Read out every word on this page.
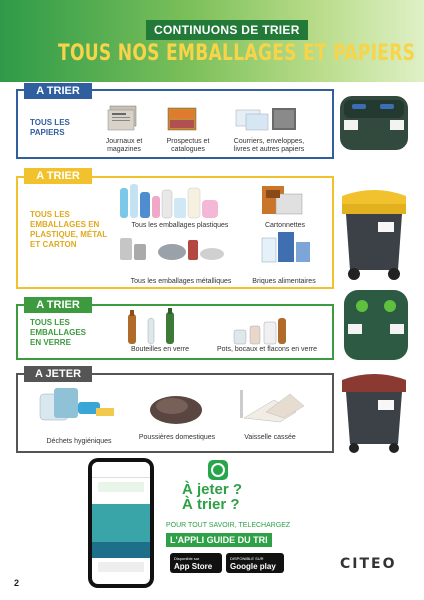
CONTINUONS DE TRIER
TOUS NOS EMBALLAGES ET PAPIERS
A TRIER
TOUS LES PAPIERS
Journaux et magazines
Prospectus et catalogues
Courriers, enveloppes, livres et autres papiers
A TRIER
TOUS LES EMBALLAGES EN PLASTIQUE, MÉTAL ET CARTON
Tous les emballages plastiques	Cartonnettes
Tous les emballages métalliques	Briques alimentaires
A TRIER
TOUS LES EMBALLAGES EN VERRE
Bouteilles en verre	Pots, bocaux et flacons en verre
A JETER
Déchets hygiéniques
Poussières domestiques	Vaisselle cassée
À jeter ?
À trier ?
POUR TOUT SAVOIR, TELECHARGEZ
L'APPLI GUIDE DU TRI
Disponible sur
App Store
DISPONIBLE SUR
Google play	CITEO
2
